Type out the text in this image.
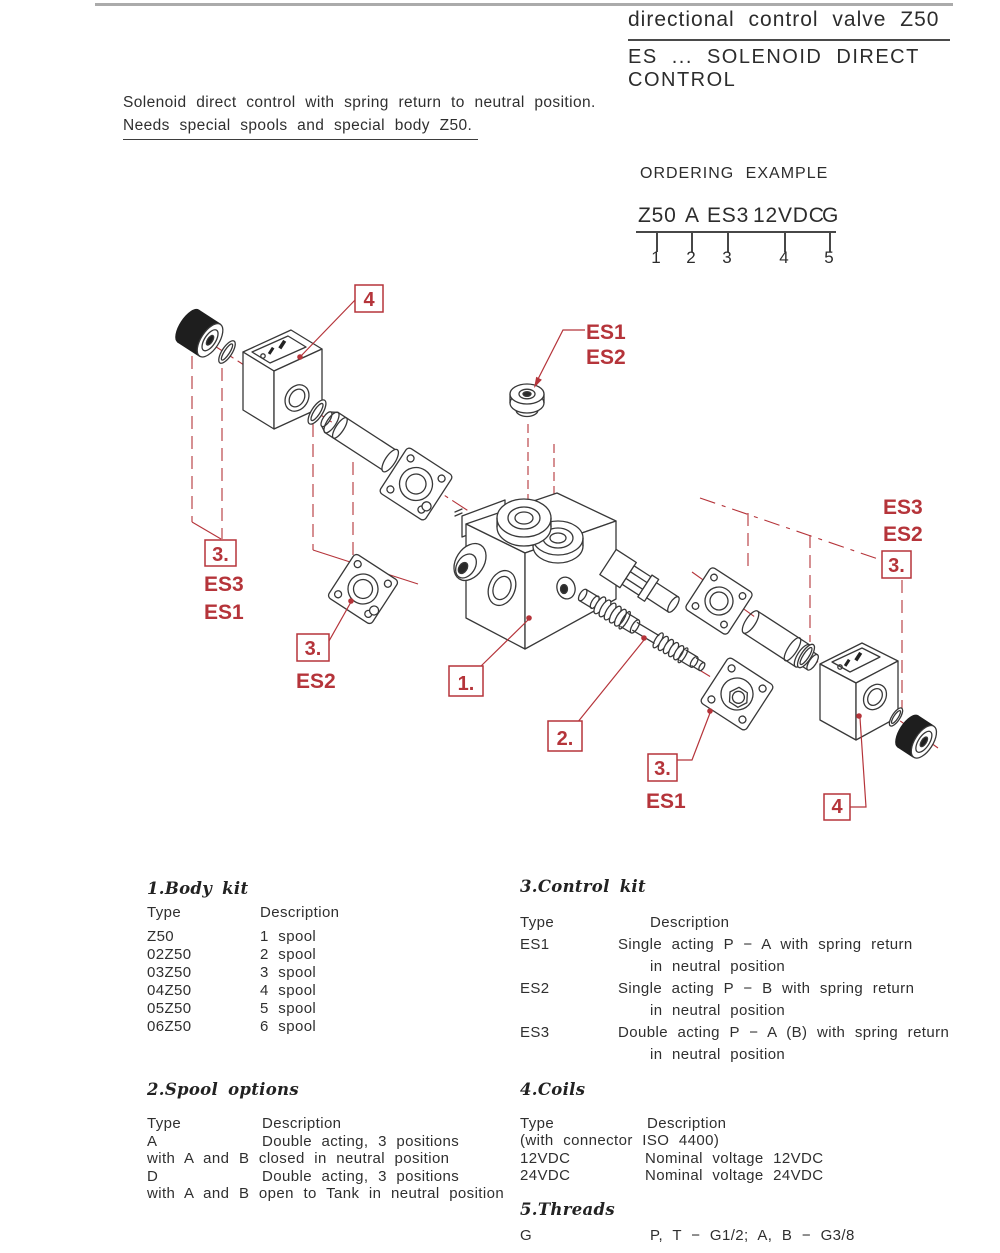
directional control valve Z50
ES ... SOLENOID DIRECT CONTROL
Solenoid direct control with spring return to neutral position.
Needs special spools and special body Z50.
ORDERING EXAMPLE
Z50 A ES3 12VDC
G
1 2 3	4 5
4
3.
3.
1.
2.
3.
3.
4
ES1
ES2
ES3
ES1
ES2
ES1
ES3
ES2
1.Body kit
Type	Description
Z50	1 spool
02Z50	2 spool
03Z50	3 spool
04Z50	4 spool
05Z50	5 spool
06Z50	6 spool
3.Control kit
Type	Description
ES1	Single acting P − A with spring return
in neutral position
ES2	Single acting P − B with spring return
in neutral position
ES3	Double acting P − A (B) with spring return
in neutral position
2.Spool options
Type	Description
A	Double acting, 3 positions
with A and B closed in neutral position
D	Double acting, 3 positions
with A and B open to Tank in neutral position
4.Coils
Type	Description
(with connector ISO 4400)
12VDC	Nominal voltage 12VDC
24VDC	Nominal voltage 24VDC
5.Threads
G	P, T − G1/2; A, B − G3/8
